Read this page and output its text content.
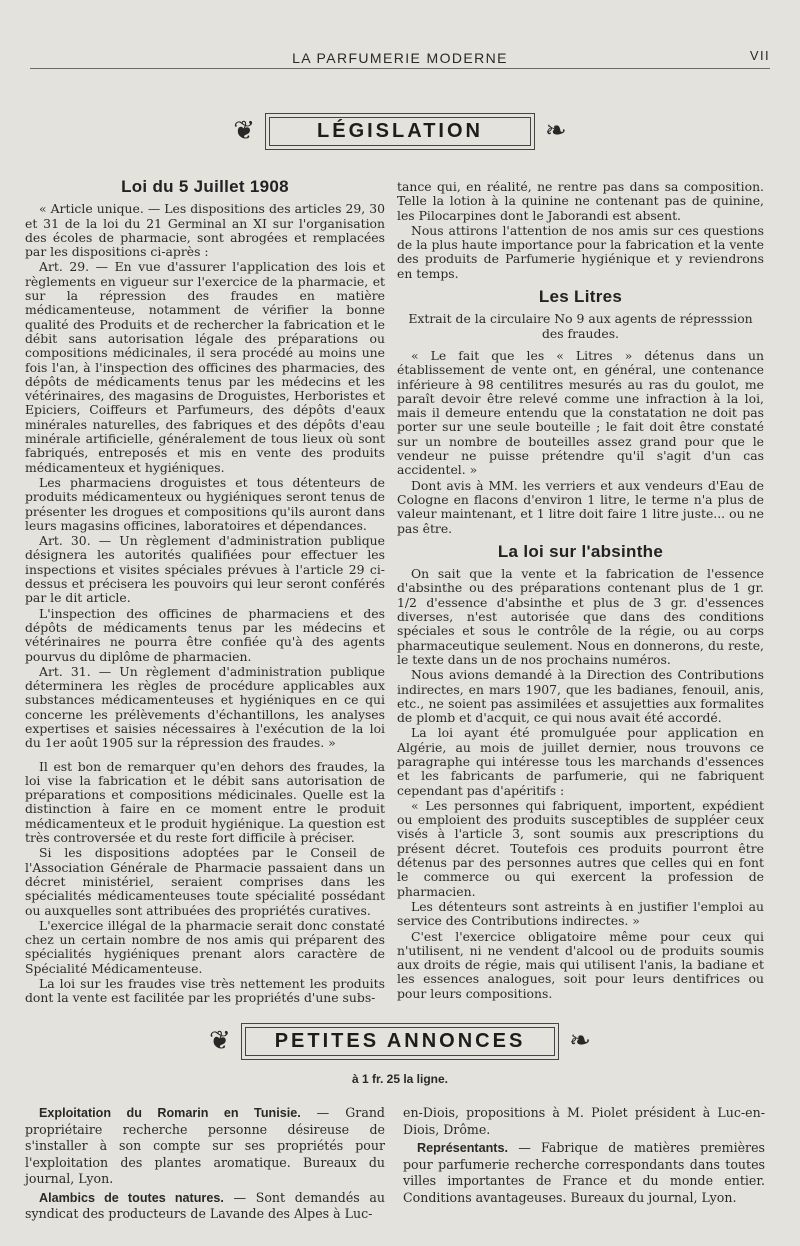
LA PARFUMERIE MODERNE	VII
❦	LÉGISLATION	❧
Loi du 5 Juillet 1908

« Article unique. — Les dispositions des articles 29, 30 et 31 de la loi du 21 Germinal an XI sur l'organisation des écoles de pharmacie, sont abrogées et remplacées par les dispositions ci-après :

Art. 29. — En vue d'assurer l'application des lois et règlements en vigueur sur l'exercice de la pharmacie, et sur la répression des fraudes en matière médicamenteuse, notamment de vérifier la bonne qualité des Produits et de rechercher la fabrication et le débit sans autorisation légale des préparations ou compositions médicinales, il sera procédé au moins une fois l'an, à l'inspection des officines des pharmacies, des dépôts de médicaments tenus par les médecins et les vétérinaires, des magasins de Droguistes, Herboristes et Epiciers, Coiffeurs et Parfumeurs, des dépôts d'eaux minérales naturelles, des fabriques et des dépôts d'eau minérale artificielle, généralement de tous lieux où sont fabriqués, entreposés et mis en vente des produits médicamenteux et hygiéniques.

Les pharmaciens droguistes et tous détenteurs de produits médicamenteux ou hygiéniques seront tenus de présenter les drogues et compositions qu'ils auront dans leurs magasins officines, laboratoires et dépendances.

Art. 30. — Un règlement d'administration publique désignera les autorités qualifiées pour effectuer les inspections et visites spéciales prévues à l'article 29 ci-dessus et précisera les pouvoirs qui leur seront conférés par le dit article.

L'inspection des officines de pharmaciens et des dépôts de médicaments tenus par les médecins et vétérinaires ne pourra être confiée qu'à des agents pourvus du diplôme de pharmacien.

Art. 31. — Un règlement d'administration publique déterminera les règles de procédure applicables aux substances médicamenteuses et hygiéniques en ce qui concerne les prélèvements d'échantillons, les analyses expertises et saisies nécessaires à l'exécution de la loi du 1er août 1905 sur la répression des fraudes. »

Il est bon de remarquer qu'en dehors des fraudes, la loi vise la fabrication et le débit sans autorisation de préparations et compositions médicinales. Quelle est la distinction à faire en ce moment entre le produit médicamenteux et le produit hygiénique. La question est très controversée et du reste fort difficile à préciser.

Si les dispositions adoptées par le Conseil de l'Association Générale de Pharmacie passaient dans un décret ministériel, seraient comprises dans les spécialités médicamenteuses toute spécialité possédant ou auxquelles sont attribuées des propriétés curatives.

L'exercice illégal de la pharmacie serait donc constaté chez un certain nombre de nos amis qui préparent des spécialités hygiéniques prenant alors caractère de Spécialité Médicamenteuse.

La loi sur les fraudes vise très nettement les produits dont la vente est facilitée par les propriétés d'une subs-

tance qui, en réalité, ne rentre pas dans sa composition. Telle la lotion à la quinine ne contenant pas de quinine, les Pilocarpines dont le Jaborandi est absent.

Nous attirons l'attention de nos amis sur ces questions de la plus haute importance pour la fabrication et la vente des produits de Parfumerie hygiénique et y reviendrons en temps.

Les Litres

Extrait de la circulaire No 9 aux agents de répresssion des fraudes.

« Le fait que les « Litres » détenus dans un établissement de vente ont, en général, une contenance inférieure à 98 centilitres mesurés au ras du goulot, me paraît devoir être relevé comme une infraction à la loi, mais il demeure entendu que la constatation ne doit pas porter sur une seule bouteille ; le fait doit être constaté sur un nombre de bouteilles assez grand pour que le vendeur ne puisse prétendre qu'il s'agit d'un cas accidentel. »

Dont avis à MM. les verriers et aux vendeurs d'Eau de Cologne en flacons d'environ 1 litre, le terme n'a plus de valeur maintenant, et 1 litre doit faire 1 litre juste... ou ne pas être.

La loi sur l'absinthe

On sait que la vente et la fabrication de l'essence d'absinthe ou des préparations contenant plus de 1 gr. 1/2 d'essence d'absinthe et plus de 3 gr. d'essences diverses, n'est autorisée que dans des conditions spéciales et sous le contrôle de la régie, ou au corps pharmaceutique seulement. Nous en donnerons, du reste, le texte dans un de nos prochains numéros.

Nous avions demandé à la Direction des Contributions indirectes, en mars 1907, que les badianes, fenouil, anis, etc., ne soient pas assimilées et assujetties aux formalites de plomb et d'acquit, ce qui nous avait été accordé.

La loi ayant été promulguée pour application en Algérie, au mois de juillet dernier, nous trouvons ce paragraphe qui intéresse tous les marchands d'essences et les fabricants de parfumerie, qui ne fabriquent cependant pas d'apéritifs :

« Les personnes qui fabriquent, importent, expédient ou emploient des produits susceptibles de suppléer ceux visés à l'article 3, sont soumis aux prescriptions du présent décret. Toutefois ces produits pourront être détenus par des personnes autres que celles qui en font le commerce ou qui exercent la profession de pharmacien.

Les détenteurs sont astreints à en justifier l'emploi au service des Contributions indirectes. »

C'est l'exercice obligatoire même pour ceux qui n'utilisent, ni ne vendent d'alcool ou de produits soumis aux droits de régie, mais qui utilisent l'anis, la badiane et les essences analogues, soit pour leurs dentifrices ou pour leurs compositions.

❦	PETITES ANNONCES	❧
à 1 fr. 25 la ligne.

Exploitation du Romarin en Tunisie. — Grand propriétaire recherche personne désireuse de s'installer à son compte sur ses propriétés pour l'exploitation des plantes aromatique. Bureaux du journal, Lyon.

Alambics de toutes natures. — Sont demandés au syndicat des producteurs de Lavande des Alpes à Luc-

en-Diois, propositions à M. Piolet président à Luc-en-Diois, Drôme.

Représentants. — Fabrique de matières premières pour parfumerie recherche correspondants dans toutes villes importantes de France et du monde entier. Conditions avantageuses. Bureaux du journal, Lyon.
